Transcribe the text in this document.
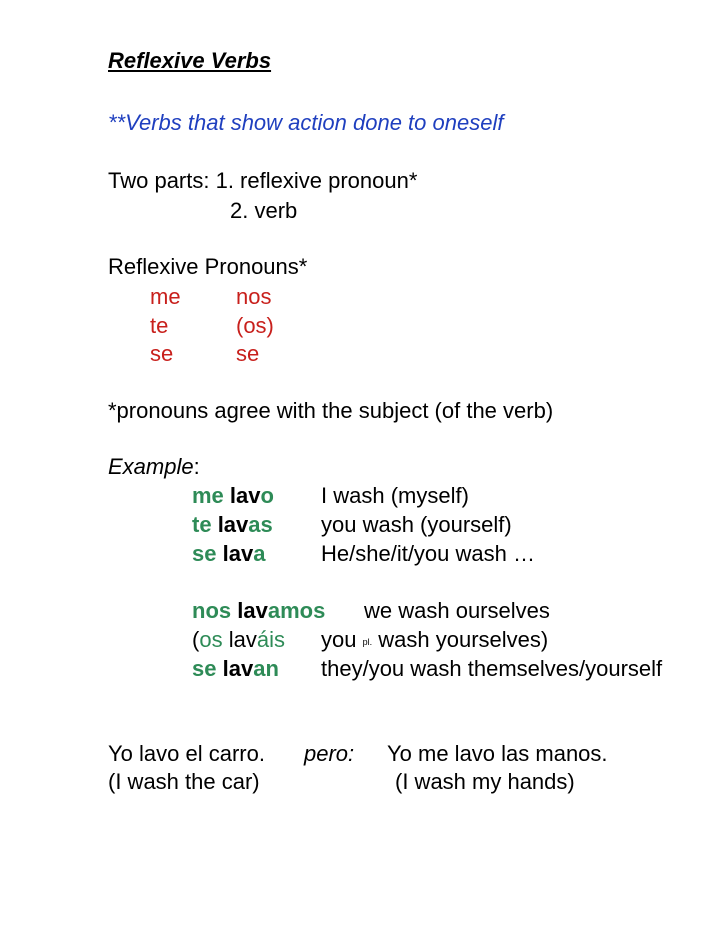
Reflexive Verbs
**Verbs that show action done to oneself
Two parts: 1. reflexive pronoun*
2. verb
Reflexive Pronouns*
me	nos
te	(os)
se	se
*pronouns agree with the subject (of the verb)
Example:
me lavo I wash (myself)
te lavas you wash (yourself)
se lava	He/she/it/you wash …
nos lavamos we wash ourselves
(os laváis you pl. wash yourselves)
se lavan they/you wash themselves/yourself
Yo lavo el carro. pero: Yo me lavo las manos.
(I wash the car)	(I wash my hands)
